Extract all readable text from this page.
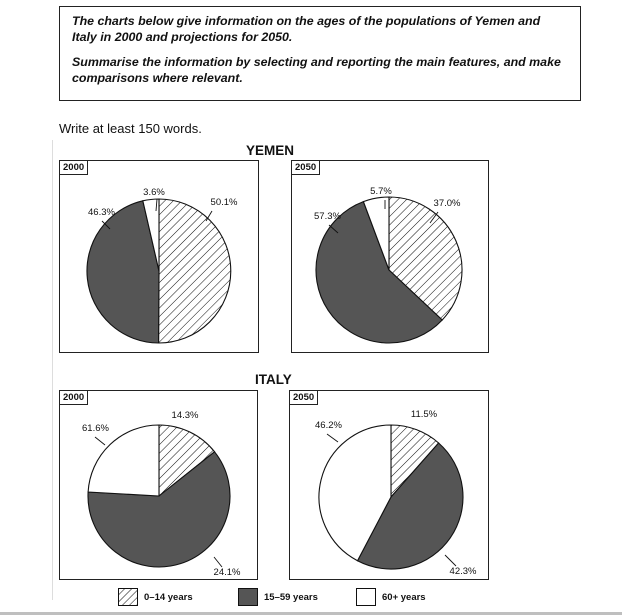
The charts below give information on the ages of the populations of Yemen and Italy in 2000 and projections for 2050.

Summarise the information by selecting and reporting the main features, and make comparisons where relevant.

Write at least 150 words.
YEMEN
ITALY
2000
50.1%
46.3%
3.6%
2050
37.0%
57.3%
5.7%
2000
14.3%
61.6%
24.1%
2050
11.5%
46.2%
42.3%
0–14 years	15–59 years	60+ years
